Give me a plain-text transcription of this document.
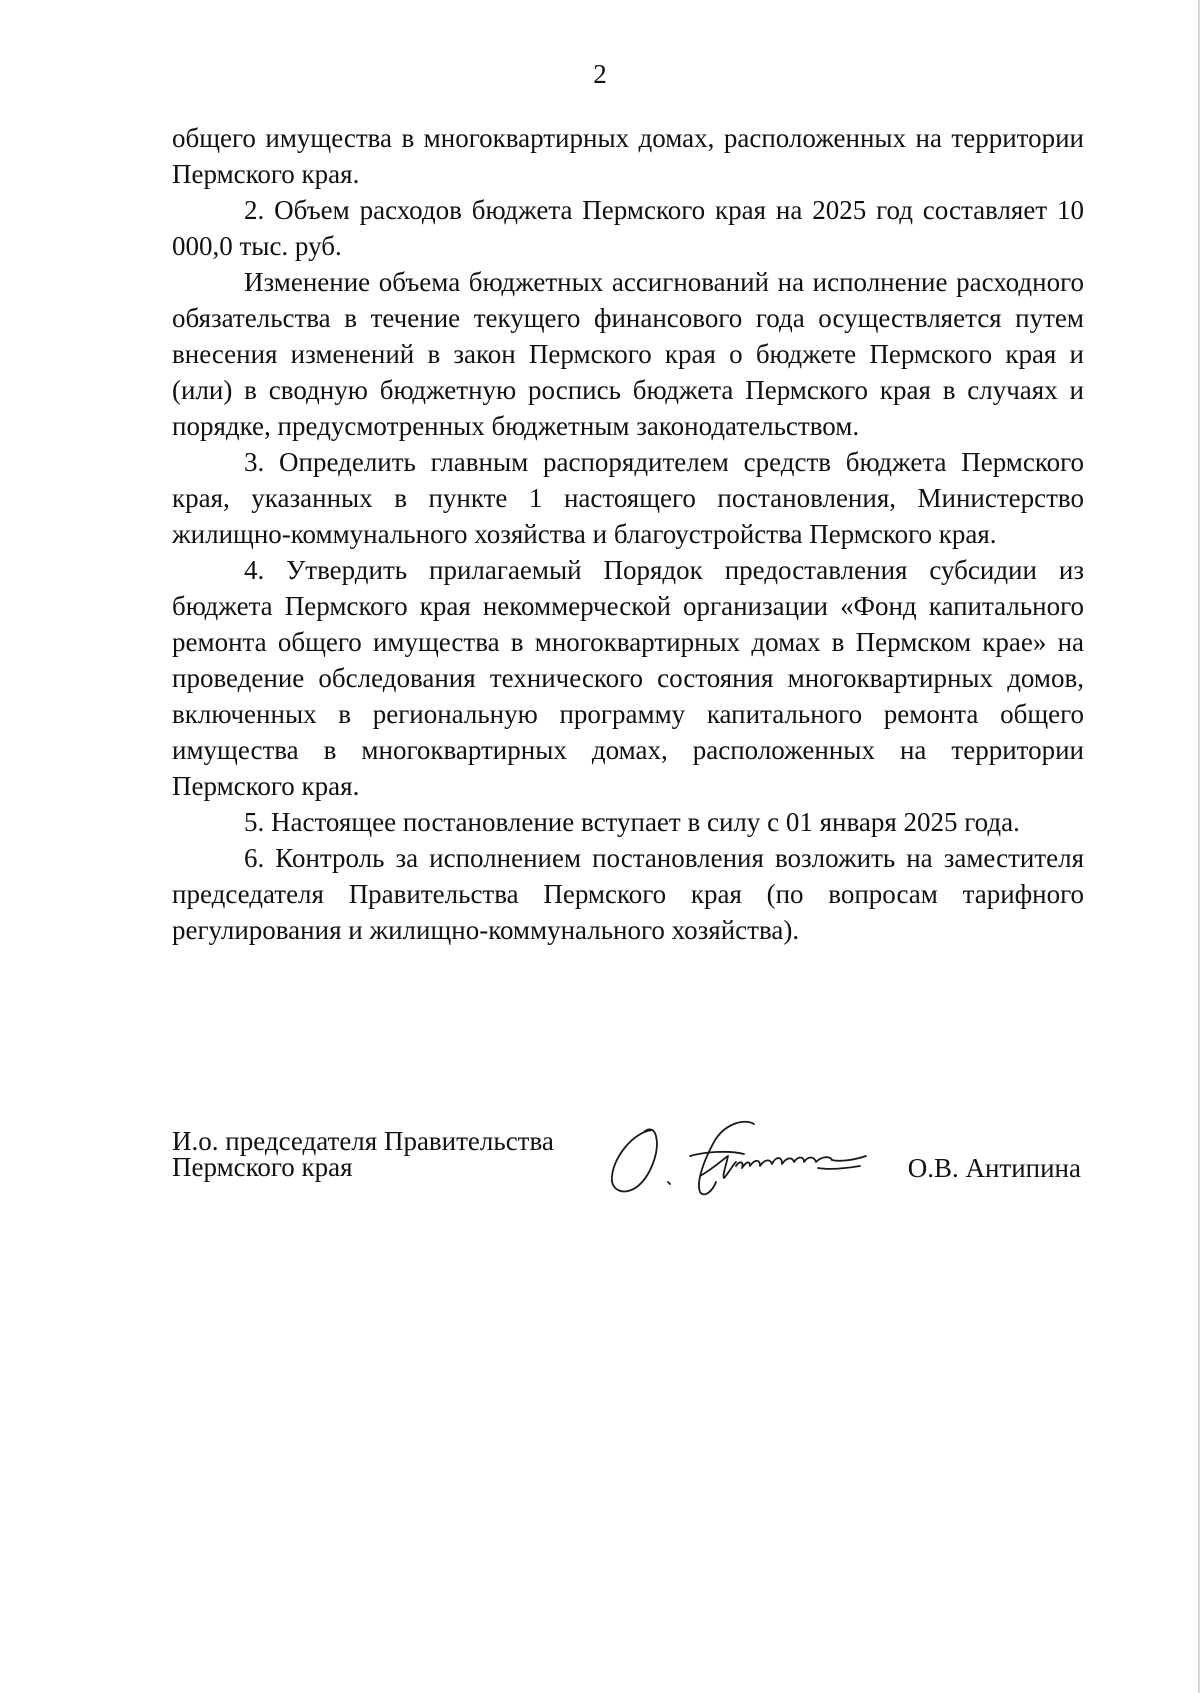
2

общего имущества в многоквартирных домах, расположенных на территории Пермского края.

2. Объем расходов бюджета Пермского края на 2025 год составляет 10 000,0 тыс. руб.

Изменение объема бюджетных ассигнований на исполнение расходного обязательства в течение текущего финансового года осуществляется путем внесения изменений в закон Пермского края о бюджете Пермского края и (или) в сводную бюджетную роспись бюджета Пермского края в случаях и порядке, предусмотренных бюджетным законодательством.

3. Определить главным распорядителем средств бюджета Пермского края, указанных в пункте 1 настоящего постановления, Министерство жилищно-коммунального хозяйства и благоустройства Пермского края.

4. Утвердить прилагаемый Порядок предоставления субсидии из бюджета Пермского края некоммерческой организации «Фонд капитального ремонта общего имущества в многоквартирных домах в Пермском крае» на проведение обследования технического состояния многоквартирных домов, включенных в региональную программу капитального ремонта общего имущества в многоквартирных домах, расположенных на территории Пермского края.

5. Настоящее постановление вступает в силу с 01 января 2025 года.

6. Контроль за исполнением постановления возложить на заместителя председателя Правительства Пермского края (по вопросам тарифного регулирования и жилищно-коммунального хозяйства).

И.о. председателя Правительства
Пермского края	О.В. Антипина
